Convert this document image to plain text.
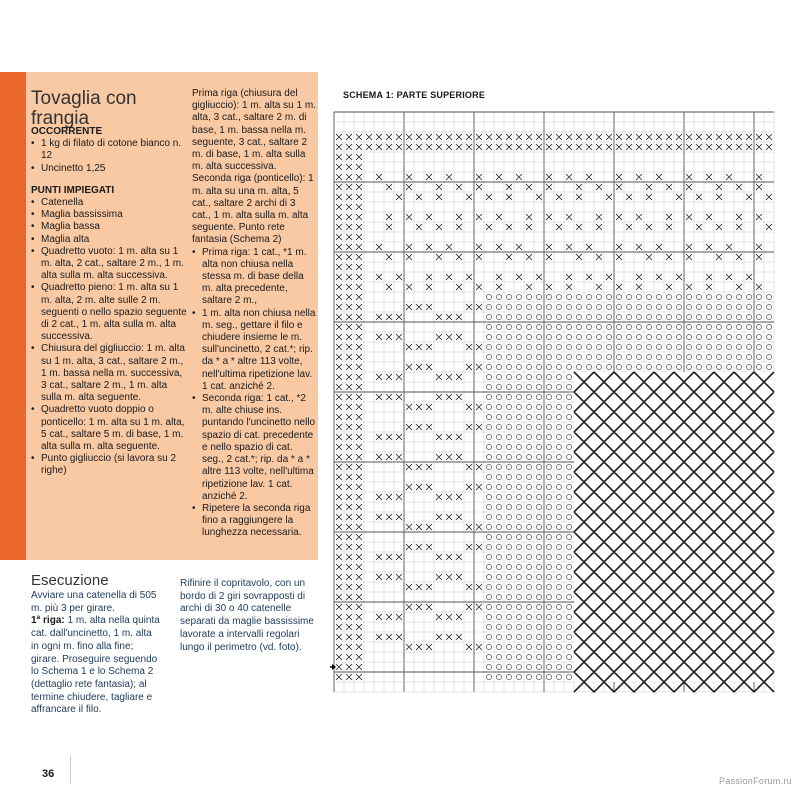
Tovaglia con frangia
OCCORRENTE
• 1 kg di filato di cotone bianco n. 12
• Uncinetto 1,25
PUNTI IMPIEGATI
• Catenella
• Maglia bassissima
• Maglia bassa
• Maglia alta
• Quadretto vuoto: 1 m. alta su 1 m. alta, 2 cat., saltare 2 m., 1 m. alta sulla m. alta successiva.
• Quadretto pieno: 1 m. alta su 1 m. alta, 2 m. alte sulle 2 m. seguenti o nello spazio seguente di 2 cat., 1 m. alta sulla m. alta successiva.
• Chiusura del gigliuccio: 1 m. alta su 1 m. alta, 3 cat., saltare 2 m., 1 m. bassa nella m. successiva, 3 cat., saltare 2 m., 1 m. alta sulla m. alta seguente.
• Quadretto vuoto doppio o ponticello: 1 m. alta su 1 m. alta, 5 cat., saltare 5 m. di base, 1 m. alta sulla m. alta seguente.
• Punto gigliuccio (si lavora su 2 righe)
Prima riga (chiusura del gigliuccio): 1 m. alta su 1 m. alta, 3 cat., saltare 2 m. di base, 1 m. bassa nella m. seguente, 3 cat., saltare 2 m. di base, 1 m. alta sulla m. alta successiva.
Seconda riga (ponticello): 1 m. alta su una m. alta, 5 cat., saltare 2 archi di 3 cat., 1 m. alta sulla m. alta seguente. Punto rete fantasia (Schema 2)
• Prima riga: 1 cat., *1 m. alta non chiusa nella stessa m. di base della m. alta precedente, saltare 2 m.,
• 1 m. alta non chiusa nella m. seg., gettare il filo e chiudere insieme le m. sull'uncinetto, 2 cat.*; rip. da * a * altre 113 volte, nell'ultima ripetizione lav. 1 cat. anziché 2.
• Seconda riga: 1 cat., *2 m. alte chiuse ins. puntando l'uncinetto nello spazio di cat. precedente e nello spazio di cat. seg., 2 cat.*; rip. da * a * altre 113 volte, nell'ultima ripetizione lav. 1 cat. anziché 2.
• Ripetere la seconda riga fino a raggiungere la lunghezza necessaria.
Esecuzione
Avviare una catenella di 505 m. più 3 per girare.
1ª riga: 1 m. alta nella quinta cat. dall'uncinetto, 1 m. alta in ogni m. fino alla fine; girare. Proseguire seguendo lo Schema 1 e lo Schema 2 (dettaglio rete fantasia); al termine chiudere, tagliare e affrancare il filo.
Rifinire il copritavolo, con un bordo di 2 giri sovrapposti di archi di 30 o 40 catenelle separati da maglie bassissime lavorate a intervalli regolari lungo il perimetro (vd. foto).
SCHEMA 1: PARTE SUPERIORE
36
PassionForum.ru
